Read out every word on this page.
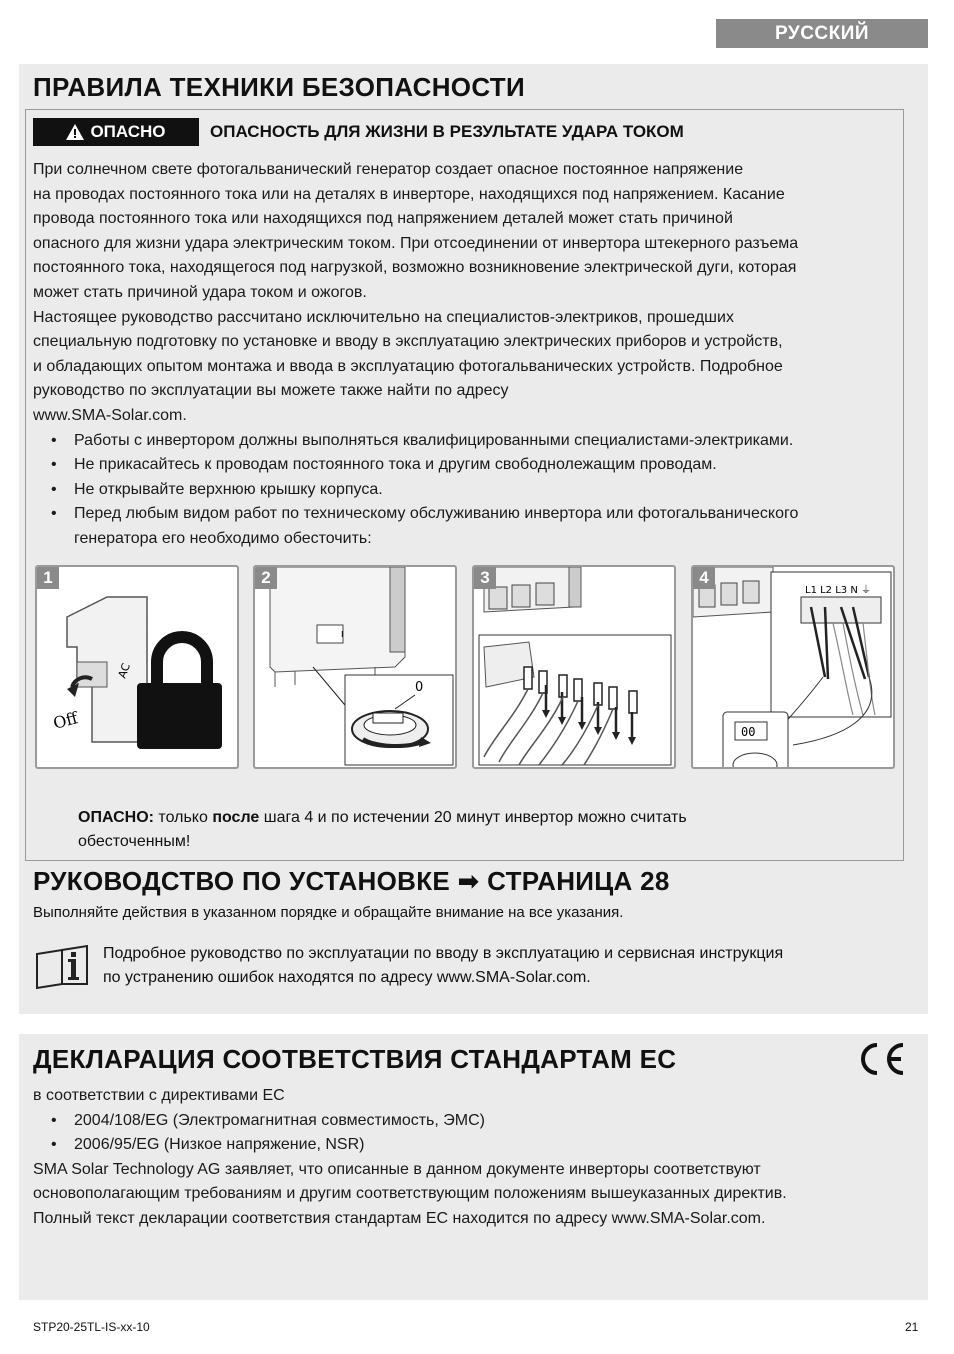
РУССКИЙ
ПРАВИЛА ТЕХНИКИ БЕЗОПАСНОСТИ
ОПАСНО	ОПАСНОСТЬ ДЛЯ ЖИЗНИ В РЕЗУЛЬТАТЕ УДАРА ТОКОМ

При солнечном свете фотогальванический генератор создает опасное постоянное напряжение

на проводах постоянного тока или на деталях в инверторе, находящихся под напряжением. Касание

провода постоянного тока или находящихся под напряжением деталей может стать причиной

опасного для жизни удара электрическим током. При отсоединении от инвертора штекерного разъема

постоянного тока, находящегося под нагрузкой, возможно возникновение электрической дуги, которая

может стать причиной удара током и ожогов.

Настоящее руководство рассчитано исключительно на специалистов-электриков, прошедших

специальную подготовку по установке и вводу в эксплуатацию электрических приборов и устройств,

и обладающих опытом монтажа и ввода в эксплуатацию фотогальванических устройств. Подробное

руководство по эксплуатации вы можете также найти по адресу

www.SMA-Solar.com.

• Работы с инвертором должны выполняться квалифицированными специалистами-электриками.
• Не прикасайтесь к проводам постоянного тока и другим свободнолежащим проводам.
• Не открывайте верхнюю крышку корпуса.
• Перед любым видом работ по техническому обслуживанию инвертора или фотогальванического
генератора его необходимо обесточить:
1
Off
AC
2
I
0
3	4
L1 L2 L3 N ⏚
00
ОПАСНО: только после шага 4 и по истечении 20 минут инвертор можно считать
обесточенным!
РУКОВОДСТВО ПО УСТАНОВКЕ ➡ СТРАНИЦА 28
Выполняйте действия в указанном порядке и обращайте внимание на все указания.
Подробное руководство по эксплуатации по вводу в эксплуатацию и сервисная инструкция
по устранению ошибок находятся по адресу www.SMA-Solar.com.
ДЕКЛАРАЦИЯ СООТВЕТСТВИЯ СТАНДАРТАМ ЕС

в соответствии с директивами ЕС

• 2004/108/EG (Электромагнитная совместимость, ЭМС)
• 2006/95/EG (Низкое напряжение, NSR)

SMA Solar Technology AG заявляет, что описанные в данном документе инверторы соответствуют

основополагающим требованиям и другим соответствующим положениям вышеуказанных директив.

Полный текст декларации соответствия стандартам ЕС находится по адресу www.SMA-Solar.com.

STP20-25TL-IS-xx-10	21
